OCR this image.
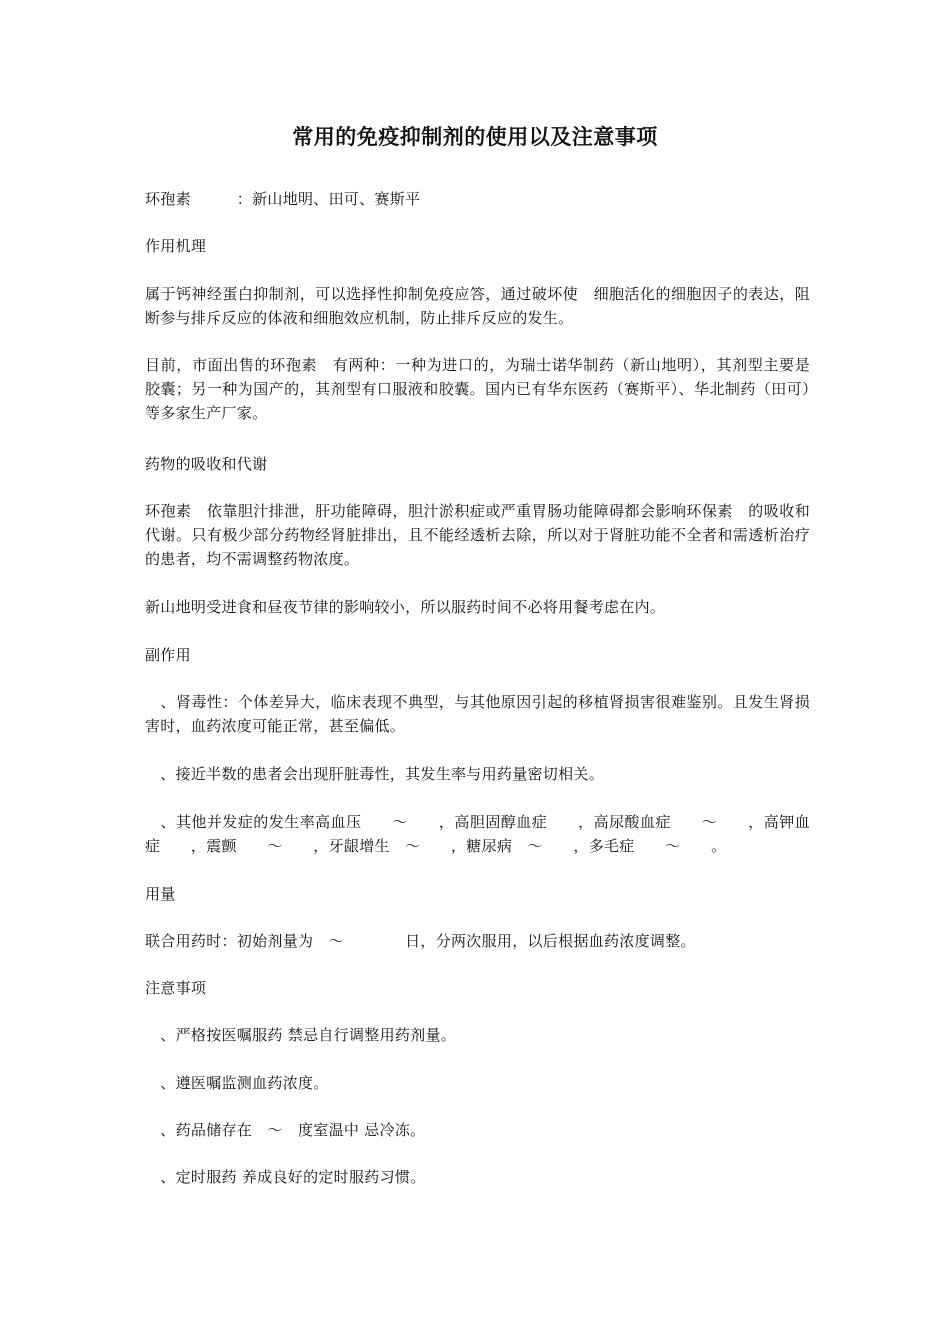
常用的免疫抑制剂的使用以及注意事项

环孢素　　　：新山地明、田可、赛斯平

作用机理

属于钙神经蛋白抑制剂，可以选择性抑制免疫应答，通过破坏使　细胞活化的细胞因子的表达，阻断参与排斥反应的体液和细胞效应机制，防止排斥反应的发生。

目前，市面出售的环孢素　有两种：一种为进口的，为瑞士诺华制药（新山地明），其剂型主要是胶囊；另一种为国产的，其剂型有口服液和胶囊。国内已有华东医药（赛斯平）、华北制药（田可）等多家生产厂家。

药物的吸收和代谢

环孢素　依靠胆汁排泄，肝功能障碍，胆汁淤积症或严重胃肠功能障碍都会影响环保素　的吸收和代谢。只有极少部分药物经肾脏排出，且不能经透析去除，所以对于肾脏功能不全者和需透析治疗的患者，均不需调整药物浓度。

新山地明受进食和昼夜节律的影响较小，所以服药时间不必将用餐考虑在内。

副作用

　、肾毒性：个体差异大，临床表现不典型，与其他原因引起的移植肾损害很难鉴别。且发生肾损害时，血药浓度可能正常，甚至偏低。

　、接近半数的患者会出现肝脏毒性，其发生率与用药量密切相关。

　、其他并发症的发生率高血压　　～　　，高胆固醇血症　　，高尿酸血症　　～　　，高钾血症　　，震颤　　～　　，牙龈增生　～　　，糖尿病　～　　，多毛症　　～　　。

用量

联合用药时：初始剂量为　～　　　　日，分两次服用，以后根据血药浓度调整。

注意事项

　、严格按医嘱服药 禁忌自行调整用药剂量。

　、遵医嘱监测血药浓度。

　、药品储存在　～　度室温中 忌冷冻。

　、定时服药 养成良好的定时服药习惯。
